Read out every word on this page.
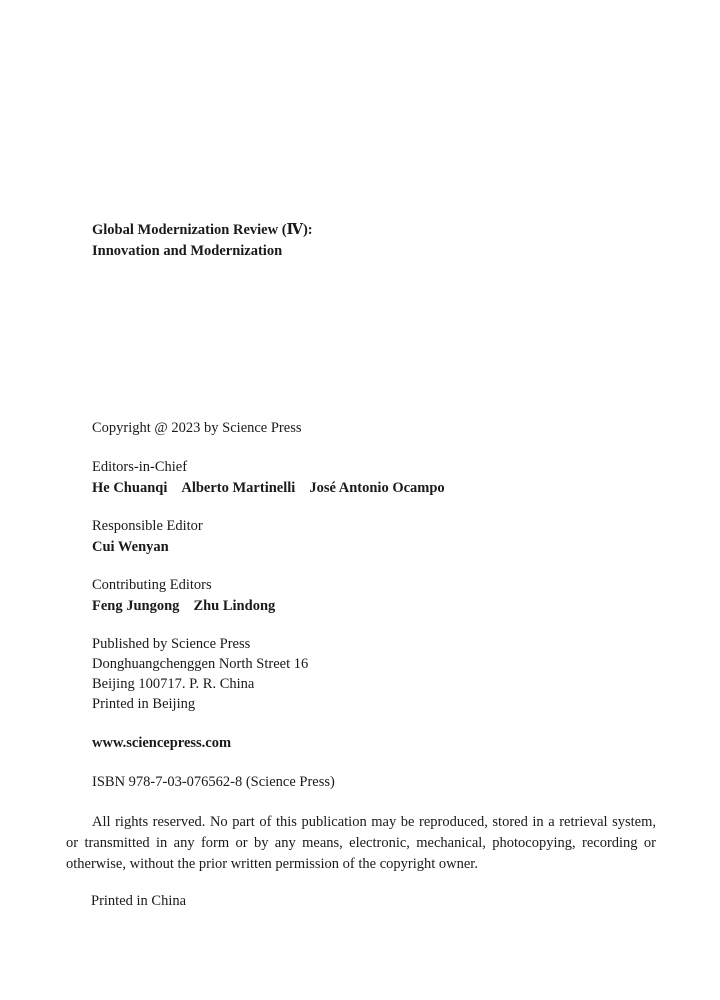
Global Modernization Review (Ⅳ):
Innovation and Modernization
Copyright @ 2023 by Science Press
Editors-in-Chief
He Chuanqi Alberto Martinelli José Antonio Ocampo
Responsible Editor
Cui Wenyan
Contributing Editors
Feng Jungong Zhu Lindong
Published by Science Press
Donghuangchenggen North Street 16
Beijing 100717. P. R. China
Printed in Beijing
www.sciencepress.com
ISBN 978-7-03-076562-8 (Science Press)
All rights reserved. No part of this publication may be reproduced, stored in a retrieval system, or transmitted in any form or by any means, electronic, mechanical, photocopying, recording or otherwise, without the prior written permission of the copyright owner.
Printed in China
